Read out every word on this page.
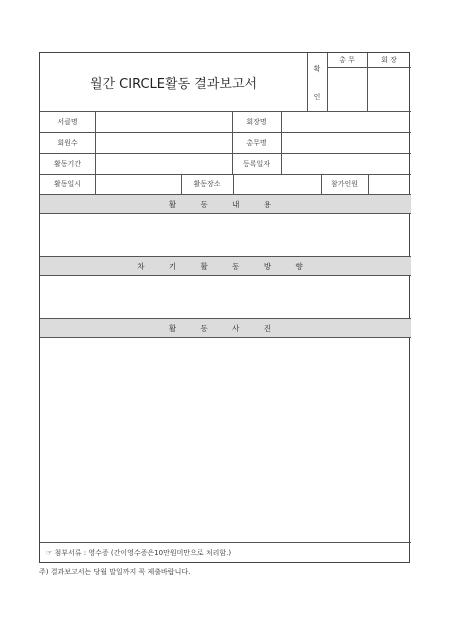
월간 CIRCLE활동 결과보고서
확
인
총 무	회 장
서클명	회장명
회원수	총무명
활동기간	등록일자
활동일시	활동장소	참가인원
활 동 내 용
차 기 활 동 방 향
활 동 사 진
☞ 첨부서류 : 영수증 (간이영수증은10만원미만으로 처리함.)
주) 결과보고서는 당월 말일까지 꼭 제출바랍니다.
